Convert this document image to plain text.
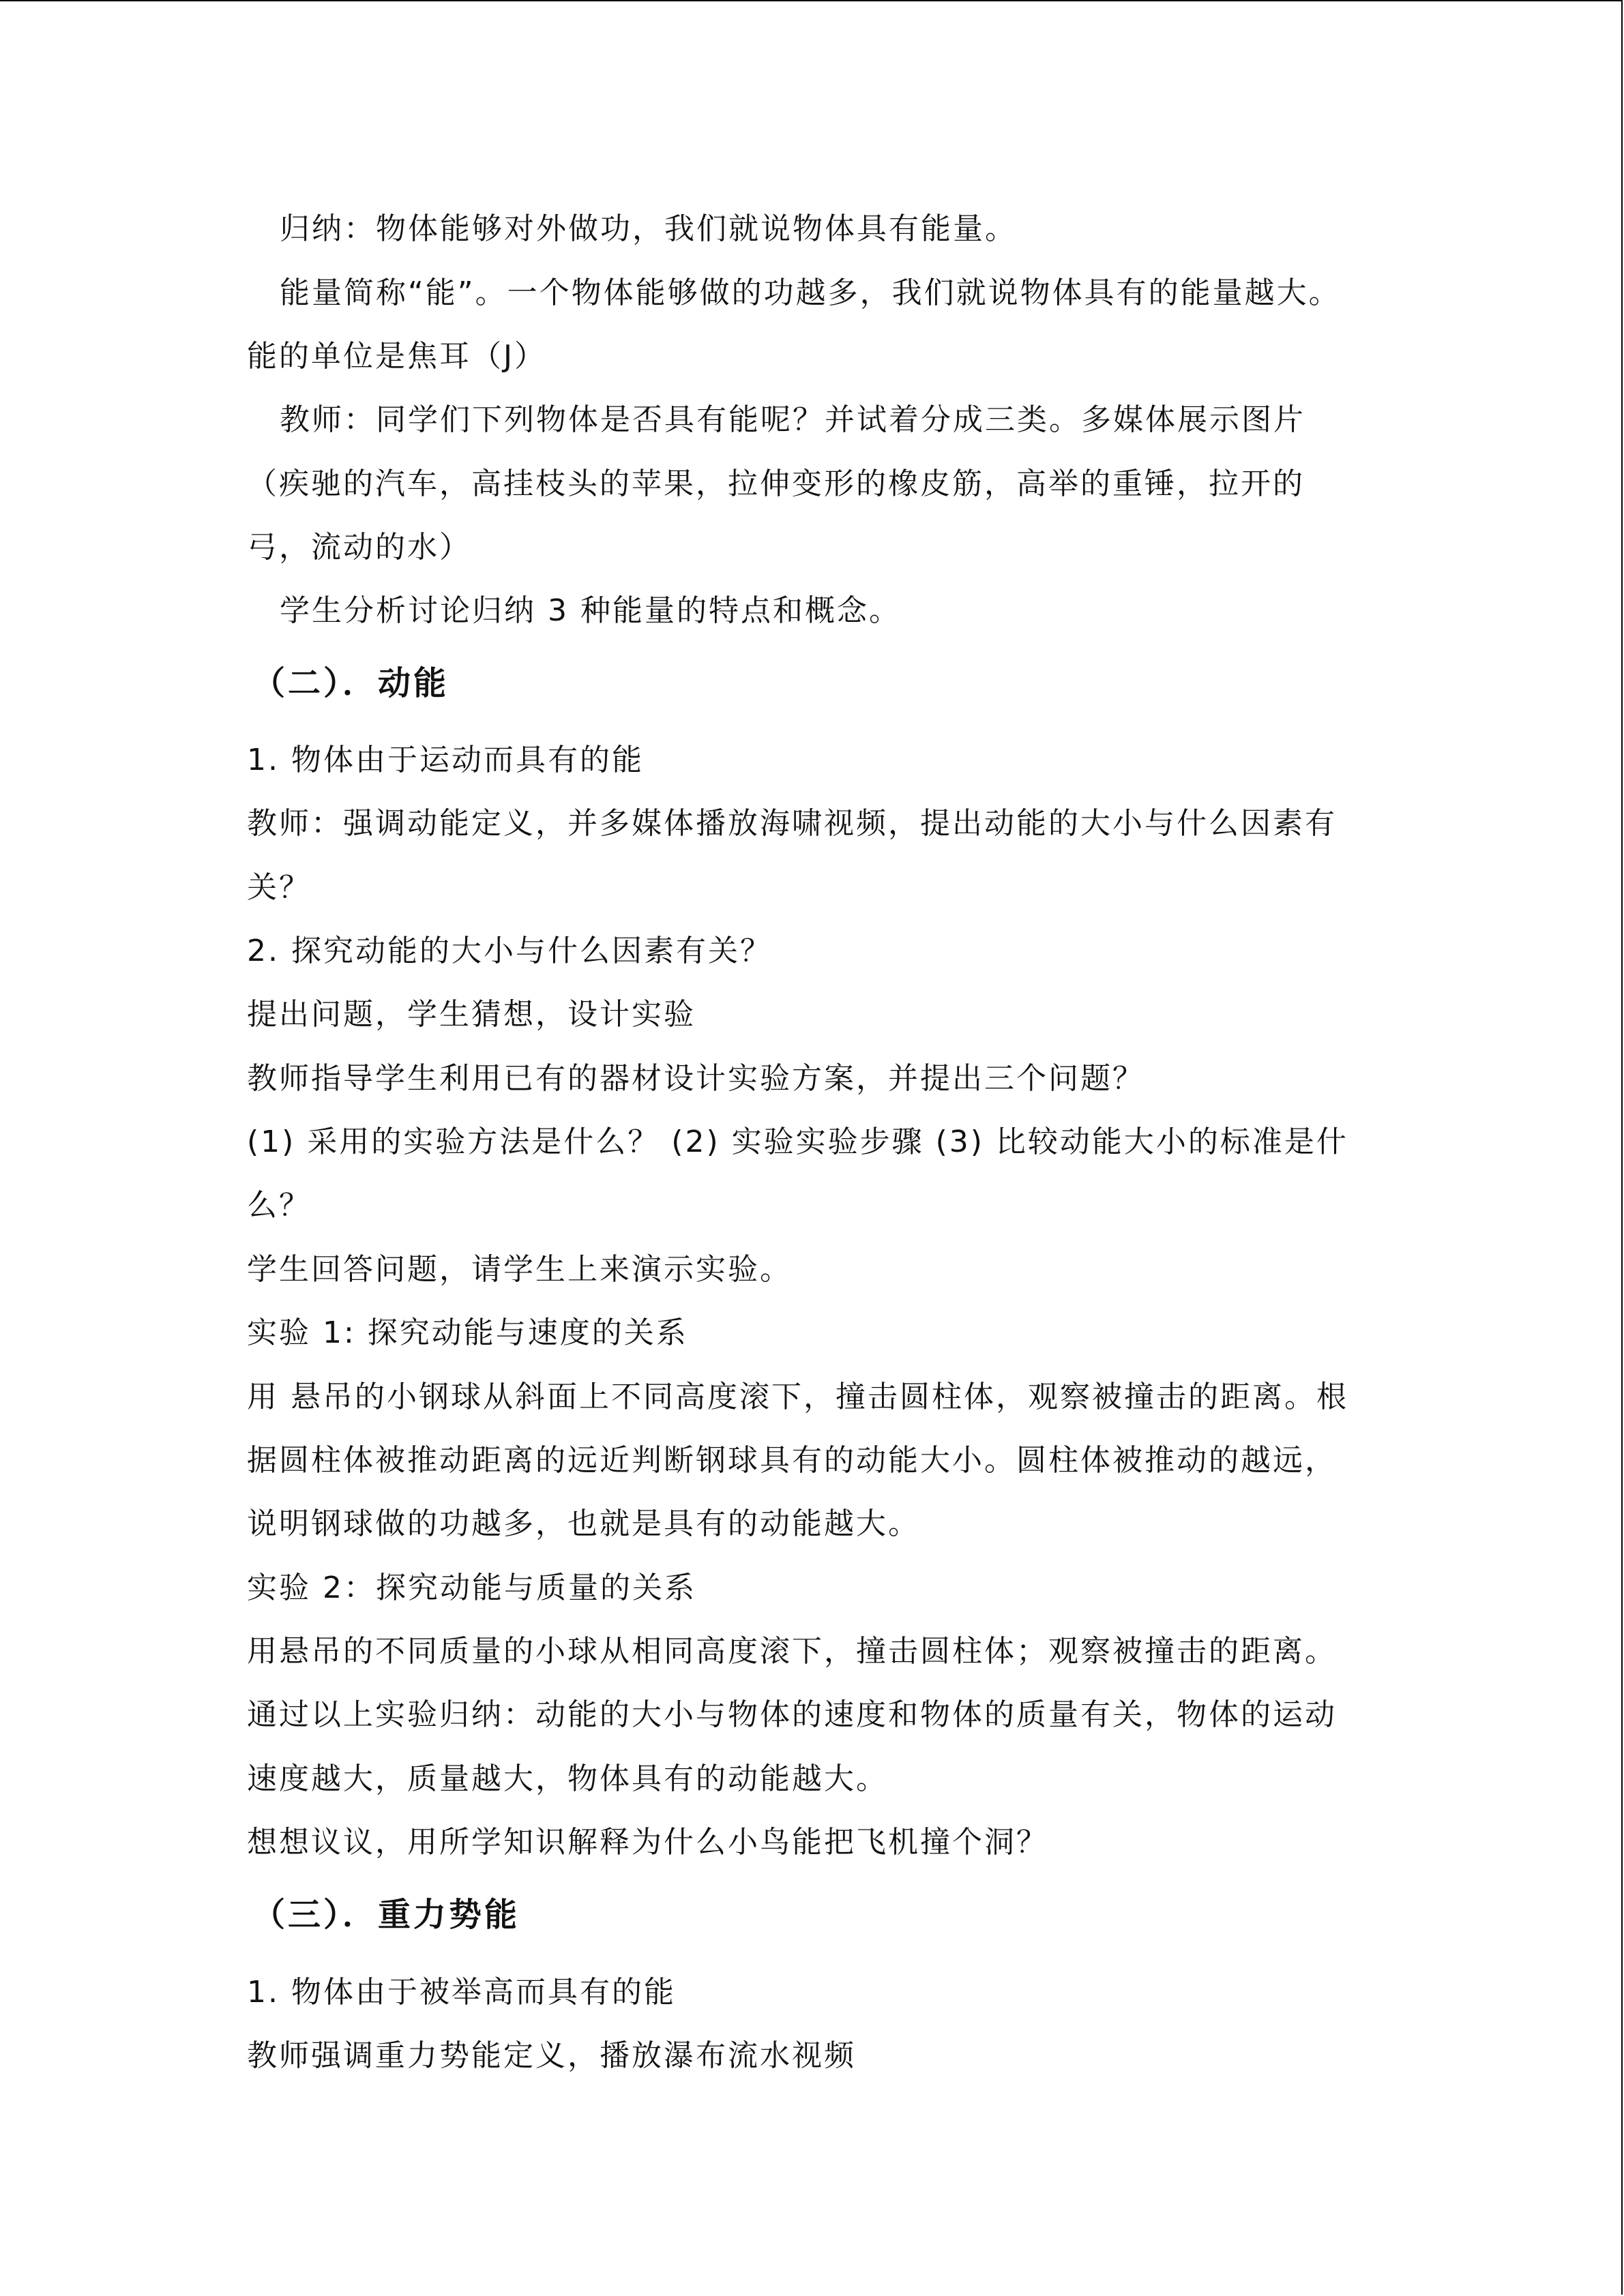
归纳：物体能够对外做功，我们就说物体具有能量。
能量简称“能”。一个物体能够做的功越多，我们就说物体具有的能量越大。
能的单位是焦耳（J）
教师：同学们下列物体是否具有能呢？并试着分成三类。多媒体展示图片
（疾驰的汽车，高挂枝头的苹果，拉伸变形的橡皮筋，高举的重锤，拉开的
弓，流动的水）
学生分析讨论归纳 3 种能量的特点和概念。
（二）．动能
1. 物体由于运动而具有的能
教师：强调动能定义，并多媒体播放海啸视频，提出动能的大小与什么因素有
关？
2. 探究动能的大小与什么因素有关？
提出问题，学生猜想，设计实验
教师指导学生利用已有的器材设计实验方案，并提出三个问题？
(1) 采用的实验方法是什么？ (2) 实验实验步骤 (3) 比较动能大小的标准是什
么？
学生回答问题，请学生上来演示实验。
实验 1: 探究动能与速度的关系
用 悬吊的小钢球从斜面上不同高度滚下，撞击圆柱体，观察被撞击的距离。根
据圆柱体被推动距离的远近判断钢球具有的动能大小。圆柱体被推动的越远，
说明钢球做的功越多，也就是具有的动能越大。
实验 2：探究动能与质量的关系
用悬吊的不同质量的小球从相同高度滚下，撞击圆柱体；观察被撞击的距离。
通过以上实验归纳：动能的大小与物体的速度和物体的质量有关，物体的运动
速度越大，质量越大，物体具有的动能越大。
想想议议，用所学知识解释为什么小鸟能把飞机撞个洞？
（三）．重力势能
1. 物体由于被举高而具有的能
教师强调重力势能定义，播放瀑布流水视频
